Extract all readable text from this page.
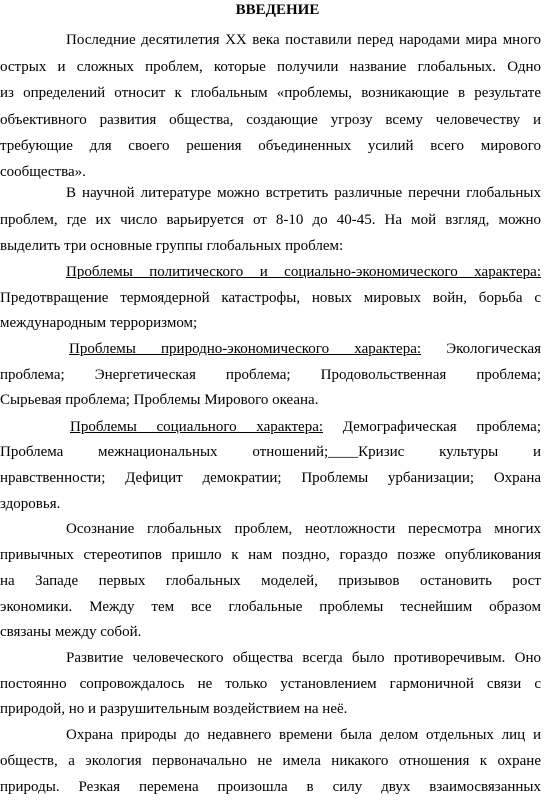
ВВЕДЕНИЕ
Последние десятилетия XX века поставили перед народами мира много
острых и сложных проблем, которые получили название глобальных. Одно
из определений относит к глобальным «проблемы, возникающие в результате
объективного развития общества, создающие угрозу всему человечеству и
требующие для своего решения объединенных усилий всего мирового
сообщества».
В научной литературе можно встретить различные перечни глобальных
проблем, где их число варьируется от 8-10 до 40-45. На мой взгляд, можно
выделить три основные группы глобальных проблем:
Проблемы политического и социально-экономического характера:
Предотвращение термоядерной катастрофы, новых мировых войн, борьба с
международным терроризмом;
Проблемы природно-экономического характера: Экологическая
проблема; Энергетическая проблема; Продовольственная проблема;
Сырьевая проблема; Проблемы Мирового океана.
Проблемы социального характера: Демографическая проблема;
Проблема межнациональных отношений;____Кризис культуры и
нравственности; Дефицит демократии; Проблемы урбанизации; Охрана
здоровья.
Осознание глобальных проблем, неотложности пересмотра многих
привычных стереотипов пришло к нам поздно, гораздо позже опубликования
на Западе первых глобальных моделей, призывов остановить рост
экономики. Между тем все глобальные проблемы теснейшим образом
связаны между собой.
Развитие человеческого общества всегда было противоречивым. Оно
постоянно сопровождалось не только установлением гармоничной связи с
природой, но и разрушительным воздействием на неё.
Охрана природы до недавнего времени была делом отдельных лиц и
обществ, а экология первоначально не имела никакого отношения к охране
природы. Резкая перемена произошла в силу двух взаимосвязанных
